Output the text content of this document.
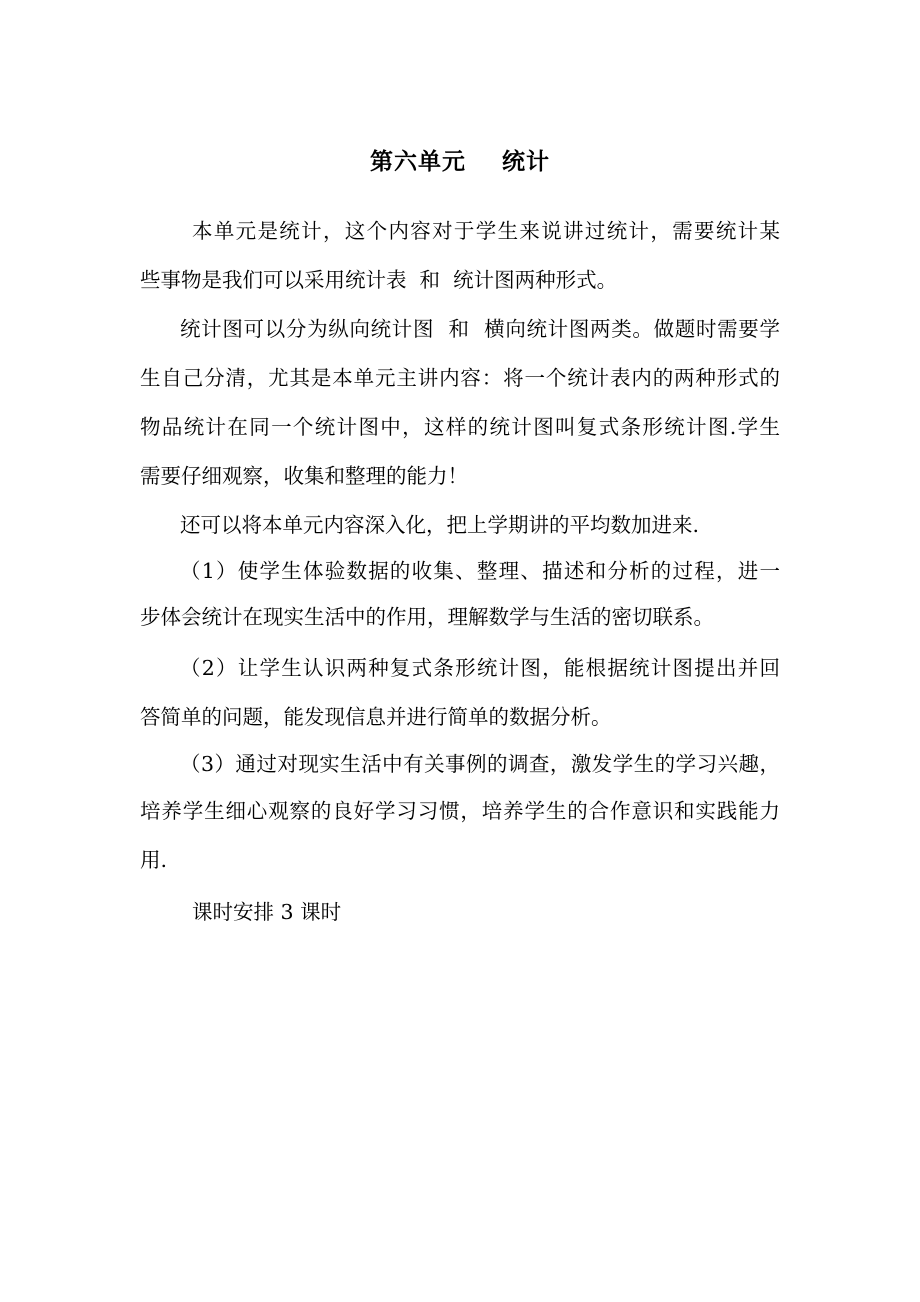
第六单元    统计
本单元是统计，这个内容对于学生来说讲过统计，需要统计某
些事物是我们可以采用统计表  和  统计图两种形式。
统计图可以分为纵向统计图  和  横向统计图两类。做题时需要学
生自己分清，尤其是本单元主讲内容：将一个统计表内的两种形式的
物品统计在同一个统计图中，这样的统计图叫复式条形统计图.学生
需要仔细观察，收集和整理的能力！
还可以将本单元内容深入化，把上学期讲的平均数加进来.
（1）使学生体验数据的收集、整理、描述和分析的过程，进一
步体会统计在现实生活中的作用，理解数学与生活的密切联系。
（2）让学生认识两种复式条形统计图，能根据统计图提出并回
答简单的问题，能发现信息并进行简单的数据分析。
（3）通过对现实生活中有关事例的调查，激发学生的学习兴趣，
培养学生细心观察的良好学习习惯，培养学生的合作意识和实践能力
用.
课时安排 3 课时
